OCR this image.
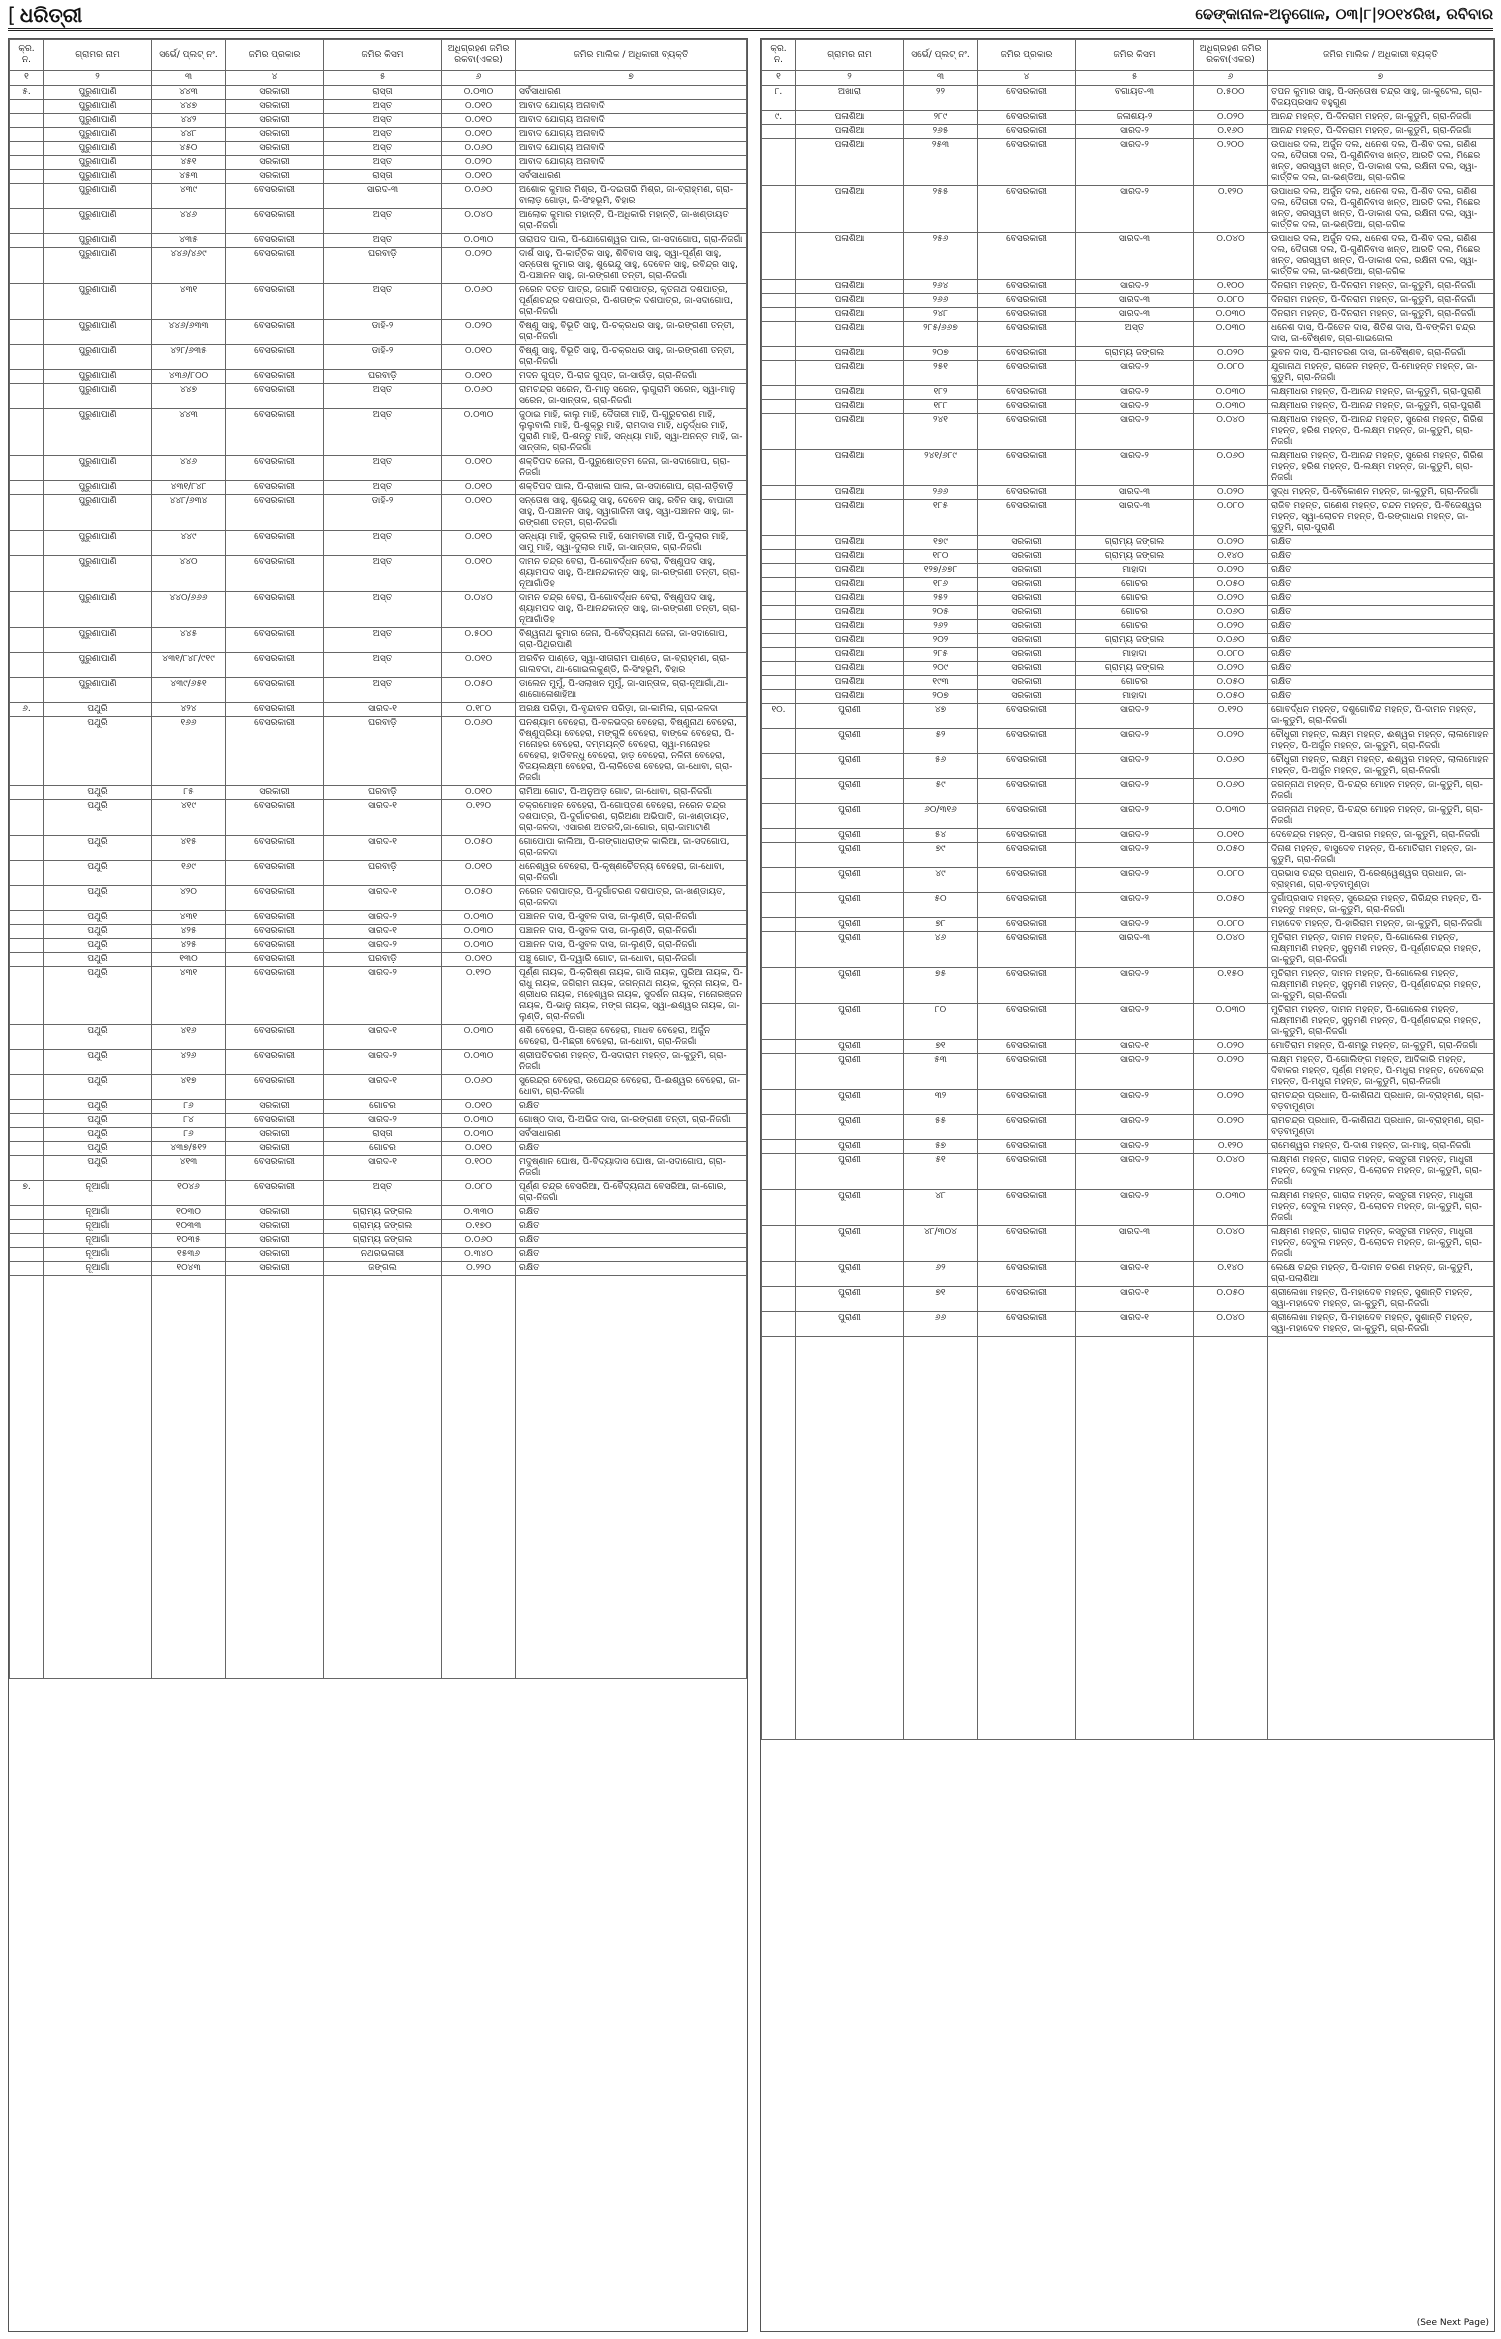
[ ଧରିତ୍ରୀ	ଢେଙ୍କାନାଳ-ଅନୁଗୋଳ, ୦୩|୮|୨୦୧୪ରିଖ, ରବିବାର
କ୍ର. ନ.	ଗ୍ରାମର ନାମ	ସର୍ଭେ/ ପ୍ଲଟ୍ ନଂ.	ଜମିର ପ୍ରକାର	ଜମିର କିସମ	ଅଧିଗ୍ରହଣ ଜମିର ରକବା(ଏକର)	ଜମିର ମାଲିକ / ଅଧିକାରୀ ବ୍ୟକ୍ତି
୧	୨	୩	୪	୫	୬	୭
୫.	ପୁରୁଣାପାଣି	୪୪୩	ସରକାରୀ	ରାସ୍ତା	୦.୦୩୦	ସର୍ବସାଧାରଣ
	ପୁରୁଣାପାଣି	୪୪୭	ସରକାରୀ	ଅସ୍ତ	୦.୦୧୦	ଆବାଦ ଯୋଗ୍ୟ ଅନାବାଦି
	ପୁରୁଣାପାଣି	୪୪୨	ସରକାରୀ	ଅସ୍ତ	୦.୦୧୦	ଆବାଦ ଯୋଗ୍ୟ ଅନାବାଦି
	ପୁରୁଣାପାଣି	୪୪୮	ସରକାରୀ	ଅସ୍ତ	୦.୦୧୦	ଆବାଦ ଯୋଗ୍ୟ ଅନାବାଦି
	ପୁରୁଣାପାଣି	୪୫୦	ସରକାରୀ	ଅସ୍ତ	୦.୦୬୦	ଆବାଦ ଯୋଗ୍ୟ ଅନାବାଦି
	ପୁରୁଣାପାଣି	୪୫୧	ସରକାରୀ	ଅସ୍ତ	୦.୦୨୦	ଆବାଦ ଯୋଗ୍ୟ ଅନାବାଦି
	ପୁରୁଣାପାଣି	୪୫୩	ସରକାରୀ	ରାସ୍ତା	୦.୦୧୦	ସର୍ବସାଧାରଣ
	ପୁରୁଣାପାଣି	୪୩୯	ବେସରକାରୀ	ସାରଦ-୩	୦.୦୬୦	ଅଶୋକ କୁମାର ମିଶ୍ର, ପି-ଦଇତାରି ମିଶ୍ର, ଜା-ବ୍ରାହ୍ମଣ, ଗ୍ରା-ବାଲାଡ଼ ଗୋଡ଼ା, ଜି-ସିଂହଭୂମି, ବିହାର
	ପୁରୁଣାପାଣି	୪୪୬	ବେସରକାରୀ	ଅସ୍ତ	୦.୦୪୦	ଆଲୋକ କୁମାର ମହାନ୍ତି, ପି-ଅଧିକାରି ମହାନ୍ତି, ଜା-ଖଣ୍ଡାୟତ ଗ୍ରା-ନିଜଗାଁ
	ପୁରୁଣାପାଣି	୪୩୫	ବେସରକାରୀ	ଅସ୍ତ	୦.୦୩୦	ତାରାପଦ ପାଲ, ପି-ଯୋଗେଶ୍ୱର ପାଲ, ଜା-ସଦାଗୋପ, ଗ୍ରା-ନିଜଗାଁ
	ପୁରୁଣାପାଣି	୪୪୬/୪୬୯	ବେସରକାରୀ	ଘରବାଡ଼ି	୦.୦୨୦	ଦାର୍ଶ ସାହୁ, ପି-କାର୍ତ୍ତିକ ସାହୁ, ଶିବିବାସ ସାହୁ, ସ୍ୱା-ପୂର୍ଣ୍ଣ ସାହୁ, ସନ୍ତୋଷ କୁମାର ସାହୁ, ଶୁଭେନ୍ଦୁ ସାହୁ, ଦେବେନ ସାହୁ, ରବିନ୍ଦ୍ର ସାହୁ, ପି-ପଞ୍ଚାନନ ସାହୁ, ଜା-ରଙ୍ଗଣୀ ତନ୍ତୀ, ଗ୍ରା-ନିଜଗାଁ
	ପୁରୁଣାପାଣି	୪୩୧	ବେସରକାରୀ	ଅସ୍ତ	୦.୦୬୦	ନରେନ ଦତ୍ତ ପାତ୍ର, ଜଗାନି ଦଶପାତ୍ର, କୃତନାଥ ଦଶପାତ୍ର, ପୂର୍ଣ୍ଣଚନ୍ଦ୍ର ଦଶପାତ୍ର, ପି-ଶତାଙ୍କ ଦଶପାତ୍ର, ଜା-ସଦାଗୋପ, ଗ୍ରା-ନିଜଗାଁ
	ପୁରୁଣାପାଣି	୪୪୬/୬୩୩	ବେସରକାରୀ	ଡାହି-୨	୦.୦୨୦	ବିଷ୍ଣୁ ସାହୁ, ବିଭୂତି ସାହୁ, ପି-ଚକ୍ରଧର ସାହୁ, ଜା-ରଙ୍ଗଣୀ ତନ୍ତୀ, ଗ୍ରା-ନିଜଗାଁ
	ପୁରୁଣାପାଣି	୪୨୮/୬୩୫	ବେସରକାରୀ	ଡାହି-୨	୦.୦୧୦	ବିଷ୍ଣୁ ସାହୁ, ବିଭୂତି ସାହୁ, ପି-ଚକ୍ରଧର ସାହୁ, ଜା-ରଙ୍ଗଣୀ ତନ୍ତୀ, ଗ୍ରା-ନିଜଗାଁ
	ପୁରୁଣାପାଣି	୪୩୬/୮୦୦	ବେସରକାରୀ	ଘରବାଡ଼ି	୦.୦୧୦	ମଦନ ଗୁପ୍ତ, ପି-ରାଜ ଗୁପ୍ତ, ଜା-ସାଉଁଡ଼, ଗ୍ରା-ନିଜଗାଁ
	ପୁରୁଣାପାଣି	୪୪୭	ବେସରକାରୀ	ଅସ୍ତ	୦.୦୬୦	ରାମଚନ୍ଦ୍ର ସରେନ, ପି-ମାନୁ ସରେନ, ଲୁଗୁରାମି ସରେନ, ସ୍ୱା-ମାନୁ ସରେନ, ଜା-ସାନ୍ତାଳ, ଗ୍ରା-ନିଜଗାଁ
	ପୁରୁଣାପାଣି	୪୪୩	ବେସରକାରୀ	ଅସ୍ତ	୦.୦୩୦	ଜୁଠାଇ ମାହି, କାଲୁ ମାହି, ଦୈତାରୀ ମାହି, ପି-ଗୁରୁଚରଣ ମାହି, ଲୁଲୁବାଲି ମାହି, ପି-ଶୁକ୍ରୁ ମାହି, ରାମଦାସ ମାହି, ଧନୁର୍ଦ୍ଧର ମାହି, ପୁରାଣି ମାହି, ପି-ଶନ୍ତୁ ମାହି, ସନ୍ଧ୍ୟା ମାହି, ସ୍ୱା-ଅନନ୍ତ ମାହି, ଜା-ସାନ୍ତାଳ, ଗ୍ରା-ନିଜଗାଁ
	ପୁରୁଣାପାଣି	୪୪୬	ବେସରକାରୀ	ଅସ୍ତ	୦.୦୧୦	ଶକ୍ତିପଦ ଜେନା, ପି-ପୁରୁଷୋତ୍ତମ ଜେନା, ଜା-ସଦାଗୋପ, ଗ୍ରା-ନିଜଗାଁ
	ପୁରୁଣାପାଣି	୪୩୧/୮୪୮	ବେସରକାରୀ	ଅସ୍ତ	୦.୦୧୦	ଶକ୍ତିପଦ ପାଲ, ପି-ରାଖାଲ ପାଲ, ଜା-ସଦାଗୋପ, ଗ୍ରା-ନାଡ଼ିବାଡ଼ି
	ପୁରୁଣାପାଣି	୪୪୮/୬୩୪	ବେସରକାରୀ	ଡାହି-୨	୦.୦୧୦	ସନ୍ତୋଷ ସାହୁ, ଶୁଭେନ୍ଦୁ ସାହୁ, ଦେବେନ ସାହୁ, ରବିନ ସାହୁ, ବାପାଜୀ ସାହୁ, ପି-ପଞ୍ଚାନନ ସାହୁ, ସ୍ୱାଗାଜିନୀ ସାହୁ, ସ୍ୱା-ପଞ୍ଚାନନ ସାହୁ, ଜା-ରଙ୍ଗଣୀ ତନ୍ତୀ, ଗ୍ରା-ନିଜଗାଁ
	ପୁରୁଣାପାଣି	୪୪୯	ବେସରକାରୀ	ଅସ୍ତ	୦.୦୧୦	ସନ୍ଧ୍ୟା ମାହି, ସୁକ୍ରଲ ମାହି, ସୋମବାରୀ ମାହି, ପି-ଦୁଲାର ମାହି, ସାମୁ ମାହି, ସ୍ୱା-ଦୁଲାର ମାହି, ଜା-ସାନ୍ତାଳ, ଗ୍ରା-ନିଜଗାଁ
	ପୁରୁଣାପାଣି	୪୪୦	ବେସରକାରୀ	ଅସ୍ତ	୦.୦୧୦	ଦାମନ ଚନ୍ଦ୍ର ବେରା, ପି-ଗୋବର୍ଦ୍ଧନ ବେରା, ବିଷ୍ଣୁପଦ ସାହୁ, ଶ୍ୟାମପଦ ସାହୁ, ପି-ଆନନ୍ଦକାନ୍ତ ସାହୁ, ଜା-ରଙ୍ଗଣୀ ତନ୍ତୀ, ଗ୍ରା-ନୂଆଗାଁଡିହ
	ପୁରୁଣାପାଣି	୪୪୦/୬୬୬	ବେସରକାରୀ	ଅସ୍ତ	୦.୦୪୦	ଦାମନ ଚନ୍ଦ୍ର ବେରା, ପି-ଗୋବର୍ଦ୍ଧନ ବେରା, ବିଷ୍ଣୁପଦ ସାହୁ, ଶ୍ୟାମପଦ ସାହୁ, ପି-ଆନନ୍ଦକାନ୍ତ ସାହୁ, ଜା-ରଙ୍ଗଣୀ ତନ୍ତୀ, ଗ୍ରା-ନୂଆଗାଁଡିହ
	ପୁରୁଣାପାଣି	୪୪୫	ବେସରକାରୀ	ଅସ୍ତ	୦.୫୦୦	ବିଶ୍ୱନାଥ କୁମାର ଜେନା, ପି-ବୈଦ୍ୟନାଥ ଜେନା, ଜା-ସଦାଗୋପ, ଗ୍ରା-ପିଥିରପାଣି
	ପୁରୁଣାପାଣି	୪୩୧/୮୪୮/୯୧୯	ବେସରକାରୀ	ଅସ୍ତ	୦.୦୧୦	ଅରବିନ ପାଣ୍ଡେ, ସ୍ୱା-ସୀତାରାମ ପାଣ୍ଡେ, ଜା-ବ୍ରାହ୍ମଣ, ଗ୍ରା-ଗାଲବଦା, ଥା-ଗୋଇଲକୁଣ୍ଡି, ଜି-ସିଂହଭୂମି, ବିହାର
	ପୁରୁଣାପାଣି	୪୩୯/୬୫୧	ବେସରକାରୀ	ଅସ୍ତ	୦.୦୫୦	ଡାଲେନ ମୁର୍ମୁ, ପି-ସଲାଖନ ମୁର୍ମୁ, ଜା-ସାନ୍ତାଳ, ଗ୍ରା-ନୂଆଗାଁ,ଥା-ଶାଗୋଳୋଶାହିଆ
୬.	ପଥୁରି	୪୨୪	ବେସରକାରୀ	ସାରଦ-୧	୦.୧୮୦	ଅରକ୍ଷ ପରିଡ଼ା, ପି-ବୃନ୍ଦାବନ ପରିଡ଼ା, ଜା-କାମିଲ, ଗ୍ରା-ଜଳଦା
	ପଥୁରି	୧୬୬	ବେସରକାରୀ	ଘରବାଡ଼ି	୦.୦୬୦	ଘନଶ୍ୟାମ ବେହେରା, ପି-ବଳଭଦ୍ର ବେହେରା, ବିଷ୍ଣୁନାଥ ବେହେରା, ବିଷ୍ଣୁପ୍ରିୟା ବେହେରା, ମଙ୍ଗୁଳି ବେହେରା, ବାଙ୍କେ ବେହେରା, ପି-ମନୋହର ବେହେରା, ଦମ୍ମୟନ୍ତି ବେହେରା, ସ୍ୱା-ମନୋହର ବେହେରା, ହାଡିବନ୍ଧୁ ବେହେରା, ହାଡ଼ ବେହେରା, ନଳିନୀ ବେହେରା, ବିଜୟଲକ୍ଷ୍ମୀ ବେହେରା, ପି-ଲାଳିତେଶ ବେହେରା, ଜା-ଧୋବା, ଗ୍ରା-ନିଜଗାଁ
	ପଥୁରି	୮୫	ସରକାରୀ	ଘରବାଡ଼ି	୦.୦୧୦	ରାମିଆ ଗୋଟ, ପି-ଅନୁଅଡ଼ ଗୋଟ, ଜା-ଧୋବା, ଗ୍ରା-ନିଜଗାଁ
	ପଥୁରି	୪୧୯	ବେସରକାରୀ	ସାରଦ-୧	୦.୧୨୦	ଚକ୍ରମୋହନ ବେହେରା, ପି-ଗୋପ୍ତଣ ବେହେରା, ନରେନ ଚନ୍ଦ୍ର ଦଶପାତ୍ର, ପି-ଦୁର୍ଗାଚରଣ, ଚାରିଅଣା ଅଭିପାତି, ଜା-ଖଣ୍ଡାୟତ, ଗ୍ରା-ଜଳଦା, ଏସାରଣ ଅତରଦି,ଜା-ଗୋର, ଗ୍ରା-ଜାମାଟାଣି
	ପଥୁରି	୪୧୫	ବେସରକାରୀ	ସାରଦ-୧	୦.୦୫୦	ଗୋପୋପା କାଲିଆ, ପି-ଗଙ୍ଗାଧରାଙ୍କ କାଲିଆ, ଜା-ସଦଗୋପ, ଗ୍ରା-ଜଳଦା
	ପଥୁରି	୧୬୯	ବେସରକାରୀ	ଘରବାଡ଼ି	୦.୦୧୦	ଧନେଶ୍ୱର ବେହେରା, ପି-କୃଷ୍ଣଚୈତନ୍ୟ ବେହେରା, ଜା-ଧୋବା, ଗ୍ରା-ନିଜଗାଁ
	ପଥୁରି	୪୨୦	ବେସରକାରୀ	ସାରଦ-୧	୦.୦୫୦	ନରେନ ଦଶପାତ୍ର, ପି-ଦୁର୍ଗାଚରଣ ଦଶପାତ୍ର, ଜା-ଖଣ୍ଡାୟତ, ଗ୍ରା-ଜଳଦା
	ପଥୁରି	୪୩୧	ବେସରକାରୀ	ସାରଦ-୨	୦.୦୩୦	ପଞ୍ଚାନନ ଦାସ, ପି-ସୁବଳ ଦାସ, ଜା-ଲୁଣ୍ଡି, ଗ୍ରା-ନିଜଗାଁ
	ପଥୁରି	୪୨୫	ବେସରକାରୀ	ସାରଦ-୧	୦.୦୩୦	ପଞ୍ଚାନନ ଦାସ, ପି-ସୁବଳ ଦାସ, ଜା-ଲୁଣ୍ଡି, ଗ୍ରା-ନିଜଗାଁ
	ପଥୁରି	୪୨୫	ବେସରକାରୀ	ସାରଦ-୨	୦.୦୩୦	ପଞ୍ଚାନନ ଦାସ, ପି-ସୁବଳ ଦାସ, ଜା-ଲୁଣ୍ଡି, ଗ୍ରା-ନିଜଗାଁ
	ପଥୁରି	୧୩୦	ବେସରକାରୀ	ଘରବାଡ଼ି	୦.୦୧୦	ପଞ୍ଚୁ ଗୋଟ, ପି-ଦ୍ୱାରି ଗୋଟ, ଜା-ଧୋବା, ଗ୍ରା-ନିଜଗାଁ
	ପଥୁରି	୪୩୧	ବେସରକାରୀ	ସାରଦ-୨	୦.୧୨୦	ପୂର୍ଣ୍ଣ ନାୟକ, ପି-କ୍ରିଷ୍ଣ ନାୟକ, ଗାସି ନାୟକ, ପୁରିଆ ନାୟକ, ପି-ରାଧୁ ନାୟକ, ଜଗିରାମ ନାୟକ, ଜଗନ୍ନାଥ ନାୟକ, କୁନ୍ନା ନାୟକ, ପି-ଶ୍ରୀଧର ନାୟକ, ମହେଶ୍ୱର ନାୟକ, ସୁଦର୍ଶନ ନାୟକ, ମନୋରଞ୍ଜନ ନାୟକ, ପି-ଭାନୁ ନାୟକ, ମଙ୍ଗ ନାୟକ, ସ୍ୱା-ଈଶ୍ୱର ନାୟକ, ଜା-ଲୁଣ୍ଡି, ଗ୍ରା-ନିଜଗାଁ
	ପଥୁରି	୪୧୬	ବେସରକାରୀ	ସାରଦ-୧	୦.୦୩୦	ଶଶି ବେହେରା, ପି-ଗଞ୍ଜ ବେହେରା, ମାଧବ ବେହେରା, ଅର୍ଜୁନ ବେହେରା, ପି-ମିଛ୍ରୀ ବେହେରା, ଜା-ଧୋବା, ଗ୍ରା-ନିଜଗାଁ
	ପଥୁରି	୪୨୬	ବେସରକାରୀ	ସାରଦ-୨	୦.୦୩୦	ଶ୍ରୀପତିଚରଣ ମହନ୍ତ, ପି-ସଦାରାମ ମହନ୍ତ, ଜା-କୁଡୁମି, ଗ୍ରା-ନିଜଗାଁ
	ପଥୁରି	୪୧୭	ବେସରକାରୀ	ସାରଦ-୧	୦.୦୬୦	ସୁରେନ୍ଦ୍ର ବେହେରା, ଉପେନ୍ଦ୍ର ବେହେରା, ପି-ଈଶ୍ୱର ବେହେରା, ଜା-ଧୋବା, ଗ୍ରା-ନିଜଗାଁ
	ପଥୁରି	୮୬	ସରକାରୀ	ଗୋଚର	୦.୦୧୦	ରକ୍ଷିତ
	ପଥୁରି	୮୪	ବେସରକାରୀ	ସାରଦ-୨	୦.୦୩୦	ଗୋଷ୍ଠ ଦାସ, ପି-ଅଭିଜ ଦାସ, ଜା-ରଙ୍ଗଣୀ ତନ୍ତୀ, ଗ୍ରା-ନିଜଗାଁ
	ପଥୁରି	୮୬	ସରକାରୀ	ରାସ୍ତା	୦.୦୩୦	ସର୍ବସାଧାରଣ
	ପଥୁରି	୪୩୭/୫୧୨	ସରକାରୀ	ଗୋଚର	୦.୦୧୦	ରକ୍ଷିତ
	ପଥୁରି	୪୧୩	ବେସରକାରୀ	ସାରଦ-୧	୦.୧୦୦	ମଦୁଷ୍ଣାନ ଘୋଷ, ପି-ବିଦ୍ୟାଦାସ ଘୋଷ, ଜା-ସଦାଗୋପ, ଗ୍ରା-ନିଜଗାଁ
୭.	ନୂଆଗାଁ	୧୦୪୬	ବେସରକାରୀ	ଅସ୍ତ	୦.୦୮୦	ପୂର୍ଣ୍ଣ ଚନ୍ଦ୍ର ବେସରିଆ, ପି-ବୈଦ୍ୟନାଥ ବେସରିଆ, ଜା-ଗୋର, ଗ୍ରା-ନିଜଗାଁ
	ନୂଆଗାଁ	୧୦୩୦	ସରକାରୀ	ଗ୍ରାମ୍ୟ ଜଙ୍ଗଲ	୦.୩୩୦	ରକ୍ଷିତ
	ନୂଆଗାଁ	୧୦୩୩	ସରକାରୀ	ଗ୍ରାମ୍ୟ ଜଙ୍ଗଲ	୦.୧୭୦	ରକ୍ଷିତ
	ନୂଆଗାଁ	୧୦୩୫	ସରକାରୀ	ଗ୍ରାମ୍ୟ ଜଙ୍ଗଲ	୦.୦୬୦	ରକ୍ଷିତ
	ନୂଆଗାଁ	୧୫୩୬	ସରକାରୀ	ନଥରଭଳାରୀ	୦.୩୪୦	ରକ୍ଷିତ
	ନୂଆଗାଁ	୧୦୪୩	ସରକାରୀ	ଜଙ୍ଗଲ	୦.୨୨୦	ରକ୍ଷିତ

କ୍ର. ନ.	ଗ୍ରାମର ନାମ	ସର୍ଭେ/ ପ୍ଲଟ୍ ନଂ.	ଜମିର ପ୍ରକାର	ଜମିର କିସମ	ଅଧିଗ୍ରହଣ ଜମିର ରକବା(ଏକର)	ଜମିର ମାଲିକ / ଅଧିକାରୀ ବ୍ୟକ୍ତି
୧	୨	୩	୪	୫	୬	୭
୮.	ଅଖାରା	୨୨	ବେସରକାରୀ	ବଗାୟତ-୩	୦.୫୦୦	ତପନ କୁମାର ସାହୁ, ପି-ସନ୍ତୋଷ ଚନ୍ଦ୍ର ସାହୁ, ଜା-କୁଟେଲ, ଗ୍ରା-ବିଜୟପ୍ରସାଦ ବହୁଗୁଣ
୯.	ପଳାଶିଆ	୨୮୯	ବେସରକାରୀ	ଜଳାଶୟ-୨	୦.୦୨୦	ଆନନ୍ଦ ମହନ୍ତ, ପି-ଦିନରାମ ମହନ୍ତ, ଜା-କୁଡୁମି, ଗ୍ରା-ନିଜଗାଁ
	ପଳାଶିଆ	୨୬୫	ବେସରକାରୀ	ସାରଦ-୨	୦.୧୬୦	ଆନନ୍ଦ ମହନ୍ତ, ପି-ଦିନରାମ ମହନ୍ତ, ଜା-କୁଡୁମି, ଗ୍ରା-ନିଜଗାଁ
	ପଳାଶିଆ	୨୫୩	ବେସରକାରୀ	ସାରଦ-୨	୦.୨୦୦	ଉପାଧର ଦଲ, ଅର୍ଜୁନ ଦଲ, ଧନେଶ ଦଲ, ପି-ଶିବ ଦଲ, ଗଣିଶ ଦଲ, ଦୈତାରୀ ଦଲ, ପି-ଗୁଣିନିବାସ ଖନ୍ତ, ଆରତି ଦଲ, ମିଛେର ଖନ୍ତ, ସରସ୍ୱତୀ ଖନ୍ତ, ପି-ଡାକାଶ ଦଲ, ରକ୍ଷିନୀ ଦଲ, ସ୍ୱା-କାର୍ତ୍ତିକ ଦଲ, ଜା-ଭଣ୍ଡିଆ, ଗ୍ରା-ଜଗିକ
	ପଳାଶିଆ	୨୫୫	ବେସରକାରୀ	ସାରଦ-୨	୦.୧୨୦	ଉପାଧର ଦଲ, ଅର୍ଜୁନ ଦଲ, ଧନେଶ ଦଲ, ପି-ଶିବ ଦଲ, ଗଣିଶ ଦଲ, ଦୈତାରୀ ଦଲ, ପି-ଗୁଣିନିବାସ ଖନ୍ତ, ଆରତି ଦଲ, ମିଛେର ଖନ୍ତ, ସରସ୍ୱତୀ ଖନ୍ତ, ପି-ଡାକାଶ ଦଲ, ରକ୍ଷିନୀ ଦଲ, ସ୍ୱା-କାର୍ତ୍ତିକ ଦଲ, ଜା-ଭଣ୍ଡିଆ, ଗ୍ରା-ଜଗିକ
	ପଳାଶିଆ	୨୫୬	ବେସରକାରୀ	ସାରଦ-୩	୦.୦୪୦	ଉପାଧର ଦଲ, ଅର୍ଜୁନ ଦଲ, ଧନେଶ ଦଲ, ପି-ଶିବ ଦଲ, ଗଣିଶ ଦଲ, ଦୈତାରୀ ଦଲ, ପି-ଗୁଣିନିବାସ ଖନ୍ତ, ଆରତି ଦଲ, ମିଛେର ଖନ୍ତ, ସରସ୍ୱତୀ ଖନ୍ତ, ପି-ଡାକାଶ ଦଲ, ରକ୍ଷିନୀ ଦଲ, ସ୍ୱା-କାର୍ତ୍ତିକ ଦଲ, ଜା-ଭଣ୍ଡିଆ, ଗ୍ରା-ଜଗିକ
	ପଳାଶିଆ	୨୬୪	ବେସରକାରୀ	ସାରଦ-୨	୦.୧୦୦	ଦିନରାମ ମହନ୍ତ, ପି-ଦିନରାମ ମହନ୍ତ, ଜା-କୁଡୁମି, ଗ୍ରା-ନିଜଗାଁ
	ପଳାଶିଆ	୨୬୬	ବେସରକାରୀ	ସାରଦ-୩	୦.୦୮୦	ଦିନରାମ ମହନ୍ତ, ପି-ଦିନରାମ ମହନ୍ତ, ଜା-କୁଡୁମି, ଗ୍ରା-ନିଜଗାଁ
	ପଳାଶିଆ	୨୪୮	ବେସରକାରୀ	ସାରଦ-୩	୦.୦୩୦	ଦିନରାମ ମହନ୍ତ, ପି-ଦିନରାମ ମହନ୍ତ, ଜା-କୁଡୁମି, ଗ୍ରା-ନିଜଗାଁ
	ପଳାଶିଆ	୨୮୫/୬୬୭	ବେସରକାରୀ	ଅସ୍ତ	୦.୦୩୦	ଧନେଶ ଦାସ, ପି-ଜିତେନ ଦାସ, ଶିତିଶ ଦାସ, ପି-ବଙ୍କିମ ଚନ୍ଦ୍ର ଦାସ, ଜା-ବୈଷ୍ଣବ, ଗ୍ରା-ଗାଇଜୋଲ
	ପଳାଶିଆ	୨୦୭	ବେସରକାରୀ	ଗ୍ରାମ୍ୟ ଜଙ୍ଗଲ	୦.୦୨୦	ଭୁବନ ଦାସ, ପି-ରାମଚରଣ ଦାସ, ଜା-ବୈଷ୍ଣବ, ଗ୍ରା-ନିଜଗାଁ
	ପଳାଶିଆ	୨୫୧	ବେସରକାରୀ	ସାରଦ-୨	୦.୦୮୦	ଯୁଗାନାଥ ମହନ୍ତ, ରାଜେନ ମହନ୍ତ, ପି-ମୋହନ୍ତ ମହନ୍ତ, ଜା-କୁଡୁମି, ଗ୍ରା-ନିଜଗାଁ
	ପଳାଶିଆ	୧୮୨	ବେସରକାରୀ	ସାରଦ-୨	୦.୦୩୦	ଲକ୍ଷ୍ମୀଧର ମହନ୍ତ, ପି-ଆନନ୍ଦ ମହନ୍ତ, ଜା-କୁଡୁମି, ଗ୍ରା-ପୁରାଣି
	ପଳାଶିଆ	୧୮୮	ବେସରକାରୀ	ସାରଦ-୨	୦.୦୩୦	ଲକ୍ଷ୍ମୀଧର ମହନ୍ତ, ପି-ଆନନ୍ଦ ମହନ୍ତ, ଜା-କୁଡୁମି, ଗ୍ରା-ପୁରାଣି
	ପଳାଶିଆ	୨୪୧	ବେସରକାରୀ	ସାରଦ-୨	୦.୦୪୦	ଲକ୍ଷ୍ମୀଧର ମହନ୍ତ, ପି-ଆନନ୍ଦ ମହନ୍ତ, ସୁରେଶ ମହନ୍ତ, ଗିରିଶ ମହନ୍ତ, ହରିଶ ମହନ୍ତ, ପି-ଲକ୍ଷ୍ମ ମହନ୍ତ, ଜା-କୁଡୁମି, ଗ୍ରା-ନିଜଗାଁ
	ପଳାଶିଆ	୨୪୧/୬୮୯	ବେସରକାରୀ	ସାରଦ-୨	୦.୦୬୦	ଲକ୍ଷ୍ମୀଧର ମହନ୍ତ, ପି-ଆନନ୍ଦ ମହନ୍ତ, ସୁରେଶ ମହନ୍ତ, ଗିରିଶ ମହନ୍ତ, ହରିଶ ମହନ୍ତ, ପି-ଲକ୍ଷ୍ମ ମହନ୍ତ, ଜା-କୁଡୁମି, ଗ୍ରା-ନିଜଗାଁ
	ପଳାଶିଆ	୨୬୬	ବେସରକାରୀ	ସାରଦ-୩	୦.୦୨୦	ସୁଦ୍ଧ ମହନ୍ତ, ପି-ବୈକୋଣନ ମହନ୍ତ, ଜା-କୁଡୁମି, ଗ୍ରା-ନିଜଗାଁ
	ପଳାଶିଆ	୧୮୫	ବେସରକାରୀ	ସାରଦ-୩	୦.୦୮୦	ରାଜିବ ମହନ୍ତ, ଗଣେଶ ମହନ୍ତ, ଚନ୍ଦନ ମହନ୍ତ, ପି-ବିଜେଶ୍ୱର ମହନ୍ତ, ସ୍ୱା-ଲୋଚନ ମହନ୍ତ, ପି-ରଙ୍ଗାଧର ମହନ୍ତ, ଜା-କୁଡୁମି, ଗ୍ରା-ପୁରାଣି
	ପଳାଶିଆ	୧୭୯	ସରକାରୀ	ଗ୍ରାମ୍ୟ ଜଙ୍ଗଲ	୦.୦୨୦	ରକ୍ଷିତ
	ପଳାଶିଆ	୧୮୦	ସରକାରୀ	ଗ୍ରାମ୍ୟ ଜଙ୍ଗଲ	୦.୧୪୦	ରକ୍ଷିତ
	ପଳାଶିଆ	୧୨୭/୬୭୮	ସରକାରୀ	ମାହାଦା	୦.୦୨୦	ରକ୍ଷିତ
	ପଳାଶିଆ	୧୮୬	ସରକାରୀ	ଗୋଚର	୦.୦୫୦	ରକ୍ଷିତ
	ପଳାଶିଆ	୨୫୨	ସରକାରୀ	ଗୋଚର	୦.୦୨୦	ରକ୍ଷିତ
	ପଳାଶିଆ	୨୦୫	ସରକାରୀ	ଗୋଚର	୦.୦୬୦	ରକ୍ଷିତ
	ପଳାଶିଆ	୨୬୨	ସରକାରୀ	ଗୋଚର	୦.୦୨୦	ରକ୍ଷିତ
	ପଳାଶିଆ	୨୦୨	ସରକାରୀ	ଗ୍ରାମ୍ୟ ଜଙ୍ଗଲ	୦.୦୬୦	ରକ୍ଷିତ
	ପଳାଶିଆ	୨୮୫	ସରକାରୀ	ମାହାଦା	୦.୦୮୦	ରକ୍ଷିତ
	ପଳାଶିଆ	୨୦୯	ସରକାରୀ	ଗ୍ରାମ୍ୟ ଜଙ୍ଗଲ	୦.୦୨୦	ରକ୍ଷିତ
	ପଳାଶିଆ	୧୯୩	ସରକାରୀ	ଗୋଚର	୦.୦୫୦	ରକ୍ଷିତ
	ପଳାଶିଆ	୨୦୭	ସରକାରୀ	ମାହାଦା	୦.୦୫୦	ରକ୍ଷିତ
୧୦.	ପୁରାଣୀ	୪୭	ବେସରକାରୀ	ସାରଦ-୨	୦.୧୨୦	ଗୋବର୍ଦ୍ଧନ ମହନ୍ତ, ଦଶୁଗୋବିନ୍ଦ ମହନ୍ତ, ପି-ଦାମନ ମହନ୍ତ, ଜା-କୁଡୁମି, ଗ୍ରା-ନିଜଗାଁ
	ପୁରାଣୀ	୫୨	ବେସରକାରୀ	ସାରଦ-୨	୦.୦୨୦	ଚୌଧୁରୀ ମହନ୍ତ, ଲକ୍ଷ୍ମ ମହନ୍ତ, ଈଶ୍ୱର ମହନ୍ତ, ଲାଲମୋହନ ମହନ୍ତ, ପି-ଅର୍ଜୁନ ମହନ୍ତ, ଜା-କୁଡୁମି, ଗ୍ରା-ନିଜଗାଁ
	ପୁରାଣୀ	୫୬	ବେସରକାରୀ	ସାରଦ-୨	୦.୦୬୦	ଚୌଧୁରୀ ମହନ୍ତ, ଲକ୍ଷ୍ମ ମହନ୍ତ, ଈଶ୍ୱର ମହନ୍ତ, ଲାଲମୋହନ ମହନ୍ତ, ପି-ଅର୍ଜୁନ ମହନ୍ତ, ଜା-କୁଡୁମି, ଗ୍ରା-ନିଜଗାଁ
	ପୁରାଣୀ	୫୯	ବେସରକାରୀ	ସାରଦ-୨	୦.୦୬୦	ଜଗନ୍ନାଥ ମହନ୍ତ, ପି-ଚନ୍ଦ୍ର ମୋହନ ମହନ୍ତ, ଜା-କୁଡୁମି, ଗ୍ରା-ନିଜଗାଁ
	ପୁରାଣୀ	୬୦/୩୧୬	ବେସରକାରୀ	ସାରଦ-୨	୦.୦୩୦	ଜଗନ୍ନାଥ ମହନ୍ତ, ପି-ଚନ୍ଦ୍ର ମୋହନ ମହନ୍ତ, ଜା-କୁଡୁମି, ଗ୍ରା-ନିଜଗାଁ
	ପୁରାଣୀ	୫୪	ବେସରକାରୀ	ସାରଦ-୨	୦.୦୧୦	ଦେବେନ୍ଦ୍ର ମହନ୍ତ, ପି-ସାଗର ମହନ୍ତ, ଜା-କୁଡୁମି, ଗ୍ରା-ନିଜଗାଁ
	ପୁରାଣୀ	୭୯	ବେସରକାରୀ	ସାରଦ-୨	୦.୦୫୦	ଦିନାଶ ମହନ୍ତ, ବାସୁଦେବ ମହନ୍ତ, ପି-ମୋତିରାମ ମହନ୍ତ, ଜା-କୁଡୁମି, ଗ୍ରା-ନିଜଗାଁ
	ପୁରାଣୀ	୪୯	ବେସରକାରୀ	ସାରଦ-୨	୦.୦୮୦	ପ୍ରଭାସ ଚନ୍ଦ୍ର ପ୍ରଧାନ, ପି-ରେଶ୍ୱେଶ୍ୱର ପ୍ରଧାନ, ଜା-ବ୍ରାହ୍ମଣ, ଗ୍ରା-ବଡ଼ବାମୁଣ୍ଡା
	ପୁରାଣୀ	୫୦	ବେସରକାରୀ	ସାରଦ-୨	୦.୦୫୦	ଦୁର୍ଗାପ୍ରସାଦ ମହନ୍ତ, ସୁରେନ୍ଦ୍ର ମହନ୍ତ, ଗିରିନ୍ଦ୍ର ମହନ୍ତ, ପି-ମହନ୍ତୁ ମହନ୍ତ, ଜା-କୁଡୁମି, ଗ୍ରା-ନିଜଗାଁ
	ପୁରାଣୀ	୭୮	ବେସରକାରୀ	ସାରଦ-୨	୦.୦୮୦	ମହାଦେବ ମହନ୍ତ, ପି-ହାରିରାମ ମହନ୍ତ, ଜା-କୁଡୁମି, ଗ୍ରା-ନିଜଗାଁ
	ପୁରାଣୀ	୪୬	ବେସରକାରୀ	ସାରଦ-୩	୦.୦୪୦	ମୁଚିରାମ ମହନ୍ତ, ଦାମନ ମହନ୍ତ, ପି-ଗୋଲେଶ ମହନ୍ତ, ଲକ୍ଷ୍ମୀମଣି ମହନ୍ତ, ସୁନୁମଣି ମହନ୍ତ, ପି-ପୂର୍ଣ୍ଣଚନ୍ଦ୍ର ମହନ୍ତ, ଜା-କୁଡୁମି, ଗ୍ରା-ନିଜଗାଁ
	ପୁରାଣୀ	୭୫	ବେସରକାରୀ	ସାରଦ-୨	୦.୧୫୦	ମୁଚିରାମ ମହନ୍ତ, ଦାମନ ମହନ୍ତ, ପି-ଗୋଲେଶ ମହନ୍ତ, ଲକ୍ଷ୍ମୀମଣି ମହନ୍ତ, ସୁନୁମଣି ମହନ୍ତ, ପି-ପୂର୍ଣ୍ଣଚନ୍ଦ୍ର ମହନ୍ତ, ଜା-କୁଡୁମି, ଗ୍ରା-ନିଜଗାଁ
	ପୁରାଣୀ	୮୦	ବେସରକାରୀ	ସାରଦ-୨	୦.୦୩୦	ମୁଚିରାମ ମହନ୍ତ, ଦାମନ ମହନ୍ତ, ପି-ଗୋଲେଶ ମହନ୍ତ, ଲକ୍ଷ୍ମୀମଣି ମହନ୍ତ, ସୁନୁମଣି ମହନ୍ତ, ପି-ପୂର୍ଣ୍ଣଚନ୍ଦ୍ର ମହନ୍ତ, ଜା-କୁଡୁମି, ଗ୍ରା-ନିଜଗାଁ
	ପୁରାଣୀ	୭୧	ବେସରକାରୀ	ସାରଦ-୧	୦.୦୨୦	ମୋତିରାମ ମହନ୍ତ, ପି-ଶମ୍ଭୁ ମହନ୍ତ, ଜା-କୁଡୁମି, ଗ୍ରା-ନିଜଗାଁ
	ପୁରାଣୀ	୫୩	ବେସରକାରୀ	ସାରଦ-୨	୦.୦୨୦	ଲକ୍ଷ୍ମ ମହନ୍ତ, ପି-ଗୋଲିଙ୍ଗ ମହନ୍ତ, ଆଦିକାରି ମହନ୍ତ, ଦିବାକର ମହନ୍ତ, ପୂର୍ଣ୍ଣ ମହନ୍ତ, ପି-ମଧୁରା ମହନ୍ତ, ଦେବେନ୍ଦ୍ର ମହନ୍ତ, ପି-ମଧୁରା ମହନ୍ତ, ଜା-କୁଡୁମି, ଗ୍ରା-ନିଜଗାଁ
	ପୁରାଣୀ	୩୨	ବେସରକାରୀ	ସାରଦ-୨	୦.୦୨୦	ରାମଚନ୍ଦ୍ର ପ୍ରଧାନ, ପି-କାଶିନାଥ ପ୍ରଧାନ, ଜା-ବ୍ରାହ୍ମଣ, ଗ୍ରା-ବଡ଼ବାମୁଣ୍ଡା
	ପୁରାଣୀ	୫୫	ବେସରକାରୀ	ସାରଦ-୨	୦.୦୨୦	ରାମଚନ୍ଦ୍ର ପ୍ରଧାନ, ପି-କାଶିନାଥ ପ୍ରଧାନ, ଜା-ବ୍ରାହ୍ମଣ, ଗ୍ରା-ବଡ଼ବାମୁଣ୍ଡା
	ପୁରାଣୀ	୫୭	ବେସରକାରୀ	ସାରଦ-୨	୦.୧୨୦	ରାମେଶ୍ୱର ମହନ୍ତ, ପି-ଦାଶ ମହନ୍ତ, ଜା-ମାହୁ, ଗ୍ରା-ନିଜଗାଁ
	ପୁରାଣୀ	୫୧	ବେସରକାରୀ	ସାରଦ-୨	୦.୦୪୦	ଲକ୍ଷ୍ମଣ ମହନ୍ତ, ଗାରାଜ ମହନ୍ତ, କସ୍ତୁରୀ ମହନ୍ତ, ମାଧୁରୀ ମହନ୍ତ, ଦେବୁଲ ମହନ୍ତ, ପି-ଲୋଚନ ମହନ୍ତ, ଜା-କୁଡୁମି, ଗ୍ରା-ନିଜଗାଁ
	ପୁରାଣୀ	୪୮	ବେସରକାରୀ	ସାରଦ-୨	୦.୦୩୦	ଲକ୍ଷ୍ମଣ ମହନ୍ତ, ଗାରାଜ ମହନ୍ତ, କସ୍ତୁରୀ ମହନ୍ତ, ମାଧୁରୀ ମହନ୍ତ, ଦେବୁଲ ମହନ୍ତ, ପି-ଲୋଚନ ମହନ୍ତ, ଜା-କୁଡୁମି, ଗ୍ରା-ନିଜଗାଁ
	ପୁରାଣୀ	୪୮/୩୦୪	ବେସରକାରୀ	ସାରଦ-୩	୦.୦୪୦	ଲକ୍ଷ୍ମଣ ମହନ୍ତ, ଗାରାଜ ମହନ୍ତ, କସ୍ତୁରୀ ମହନ୍ତ, ମାଧୁରୀ ମହନ୍ତ, ଦେବୁଲ ମହନ୍ତ, ପି-ଲୋଚନ ମହନ୍ତ, ଜା-କୁଡୁମି, ଗ୍ରା-ନିଜଗାଁ
	ପୁରାଣୀ	୬୨	ବେସରକାରୀ	ସାରଦ-୧	୦.୧୪୦	ଲେକ୍ଷେ ଚନ୍ଦ୍ର ମହନ୍ତ, ପି-ଦାମନ ଚରଣ ମହନ୍ତ, ଜା-କୁଡୁମି, ଗ୍ରା-ପଲାଶିଆ
	ପୁରାଣୀ	୭୧	ବେସରକାରୀ	ସାରଦ-୧	୦.୦୫୦	ଶ୍ରୀଲେଖା ମହନ୍ତ, ପି-ମହାଦେବ ମହନ୍ତ, ସୁଶାନ୍ତି ମହନ୍ତ, ସ୍ୱା-ମହାଦେବ ମହନ୍ତ, ଜା-କୁଡୁମି, ଗ୍ରା-ନିଜଗାଁ
	ପୁରାଣୀ	୬୬	ବେସରକାରୀ	ସାରଦ-୧	୦.୦୪୦	ଶ୍ରୀଲେଖା ମହନ୍ତ, ପି-ମହାଦେବ ମହନ୍ତ, ସୁଶାନ୍ତି ମହନ୍ତ, ସ୍ୱା-ମହାଦେବ ମହନ୍ତ, ଜା-କୁଡୁମି, ଗ୍ରା-ନିଜଗାଁ

(See Next Page)
